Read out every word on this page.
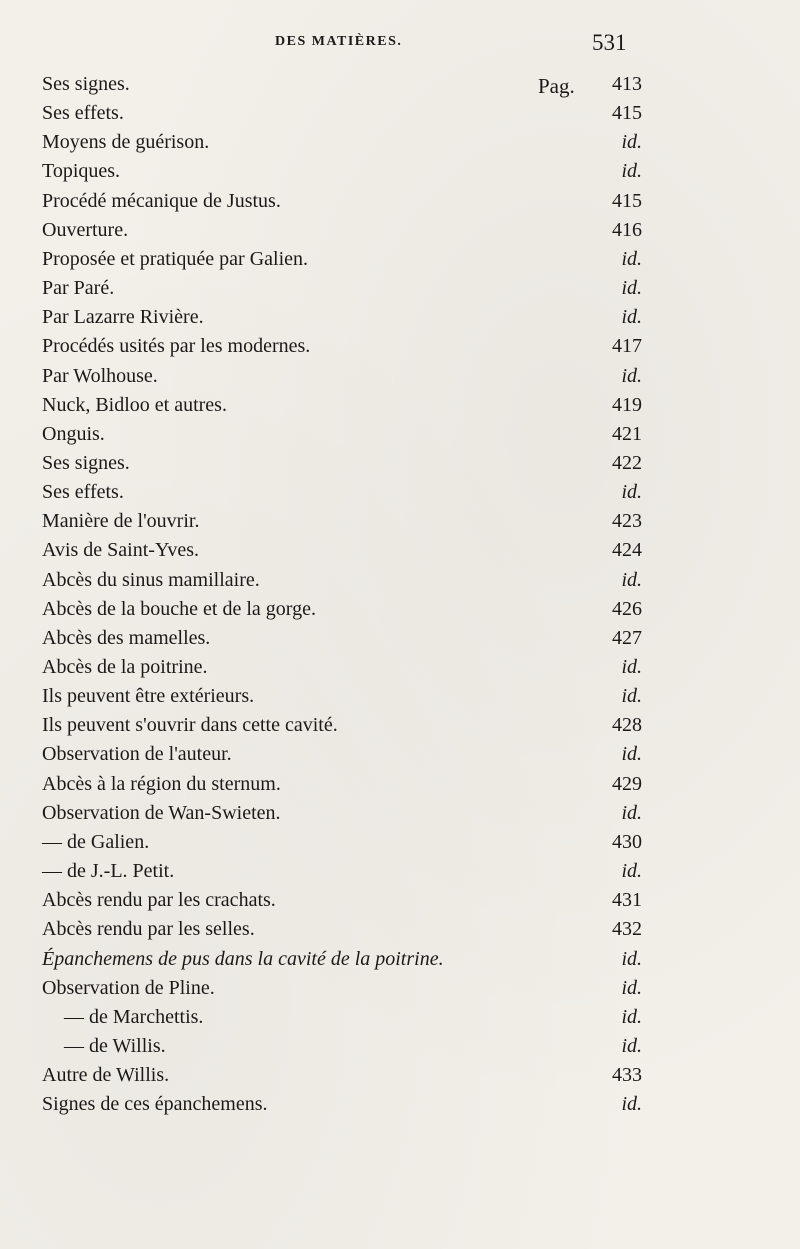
DES MATIÈRES.	531
Pag.
Ses signes.	413
Ses effets.	415
Moyens de guérison.	id.
Topiques.	id.
Procédé mécanique de Justus.	415
Ouverture.	416
Proposée et pratiquée par Galien.	id.
Par Paré.	id.
Par Lazarre Rivière.	id.
Procédés usités par les modernes.	417
Par Wolhouse.	id.
Nuck, Bidloo et autres.	419
Onguis.	421
Ses signes.	422
Ses effets.	id.
Manière de l'ouvrir.	423
Avis de Saint-Yves.	424
Abcès du sinus mamillaire.	id.
Abcès de la bouche et de la gorge.	426
Abcès des mamelles.	427
Abcès de la poitrine.	id.
Ils peuvent être extérieurs.	id.
Ils peuvent s'ouvrir dans cette cavité.	428
Observation de l'auteur.	id.
Abcès à la région du sternum.	429
Observation de Wan-Swieten.	id.
— de Galien.	430
— de J.-L. Petit.	id.
Abcès rendu par les crachats.	431
Abcès rendu par les selles.	432
Épanchemens de pus dans la cavité de la poitrine.	id.
Observation de Pline.	id.
— de Marchettis.	id.
— de Willis.	id.
Autre de Willis.	433
Signes de ces épanchemens.	id.
